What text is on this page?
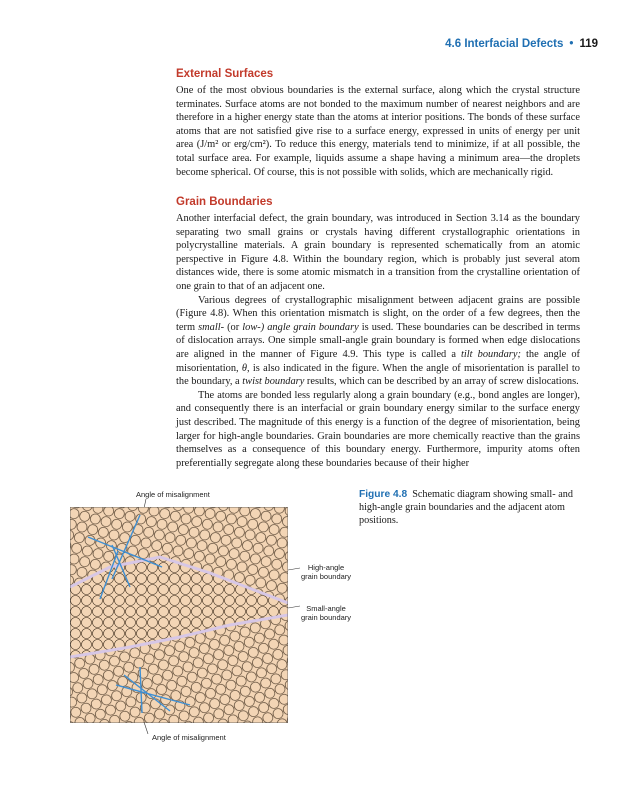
4.6 Interfacial Defects • 119
External Surfaces

One of the most obvious boundaries is the external surface, along which the crystal structure terminates. Surface atoms are not bonded to the maximum number of nearest neighbors and are therefore in a higher energy state than the atoms at interior positions. The bonds of these surface atoms that are not satisfied give rise to a surface energy, expressed in units of energy per unit area (J/m² or erg/cm²). To reduce this energy, materials tend to minimize, if at all possible, the total surface area. For example, liquids assume a shape having a minimum area—the droplets become spherical. Of course, this is not possible with solids, which are mechanically rigid.

Grain Boundaries

Another interfacial defect, the grain boundary, was introduced in Section 3.14 as the boundary separating two small grains or crystals having different crystallographic orientations in polycrystalline materials. A grain boundary is represented schematically from an atomic perspective in Figure 4.8. Within the boundary region, which is probably just several atom distances wide, there is some atomic mismatch in a transition from the crystalline orientation of one grain to that of an adjacent one.

Various degrees of crystallographic misalignment between adjacent grains are possible (Figure 4.8). When this orientation mismatch is slight, on the order of a few degrees, then the term small- (or low-) angle grain boundary is used. These boundaries can be described in terms of dislocation arrays. One simple small-angle grain boundary is formed when edge dislocations are aligned in the manner of Figure 4.9. This type is called a tilt boundary; the angle of misorientation, θ, is also indicated in the figure. When the angle of misorientation is parallel to the boundary, a twist boundary results, which can be described by an array of screw dislocations.

The atoms are bonded less regularly along a grain boundary (e.g., bond angles are longer), and consequently there is an interfacial or grain boundary energy similar to the surface energy just described. The magnitude of this energy is a function of the degree of misorientation, being larger for high-angle boundaries. Grain boundaries are more chemically reactive than the grains themselves as a consequence of this boundary energy. Furthermore, impurity atoms often preferentially segregate along these boundaries because of their higher

Angle of misalignment
High-angle
grain boundary
Small-angle
grain boundary
Angle of misalignment
Figure 4.8 Schematic diagram showing small- and high-angle grain boundaries and the adjacent atom positions.
